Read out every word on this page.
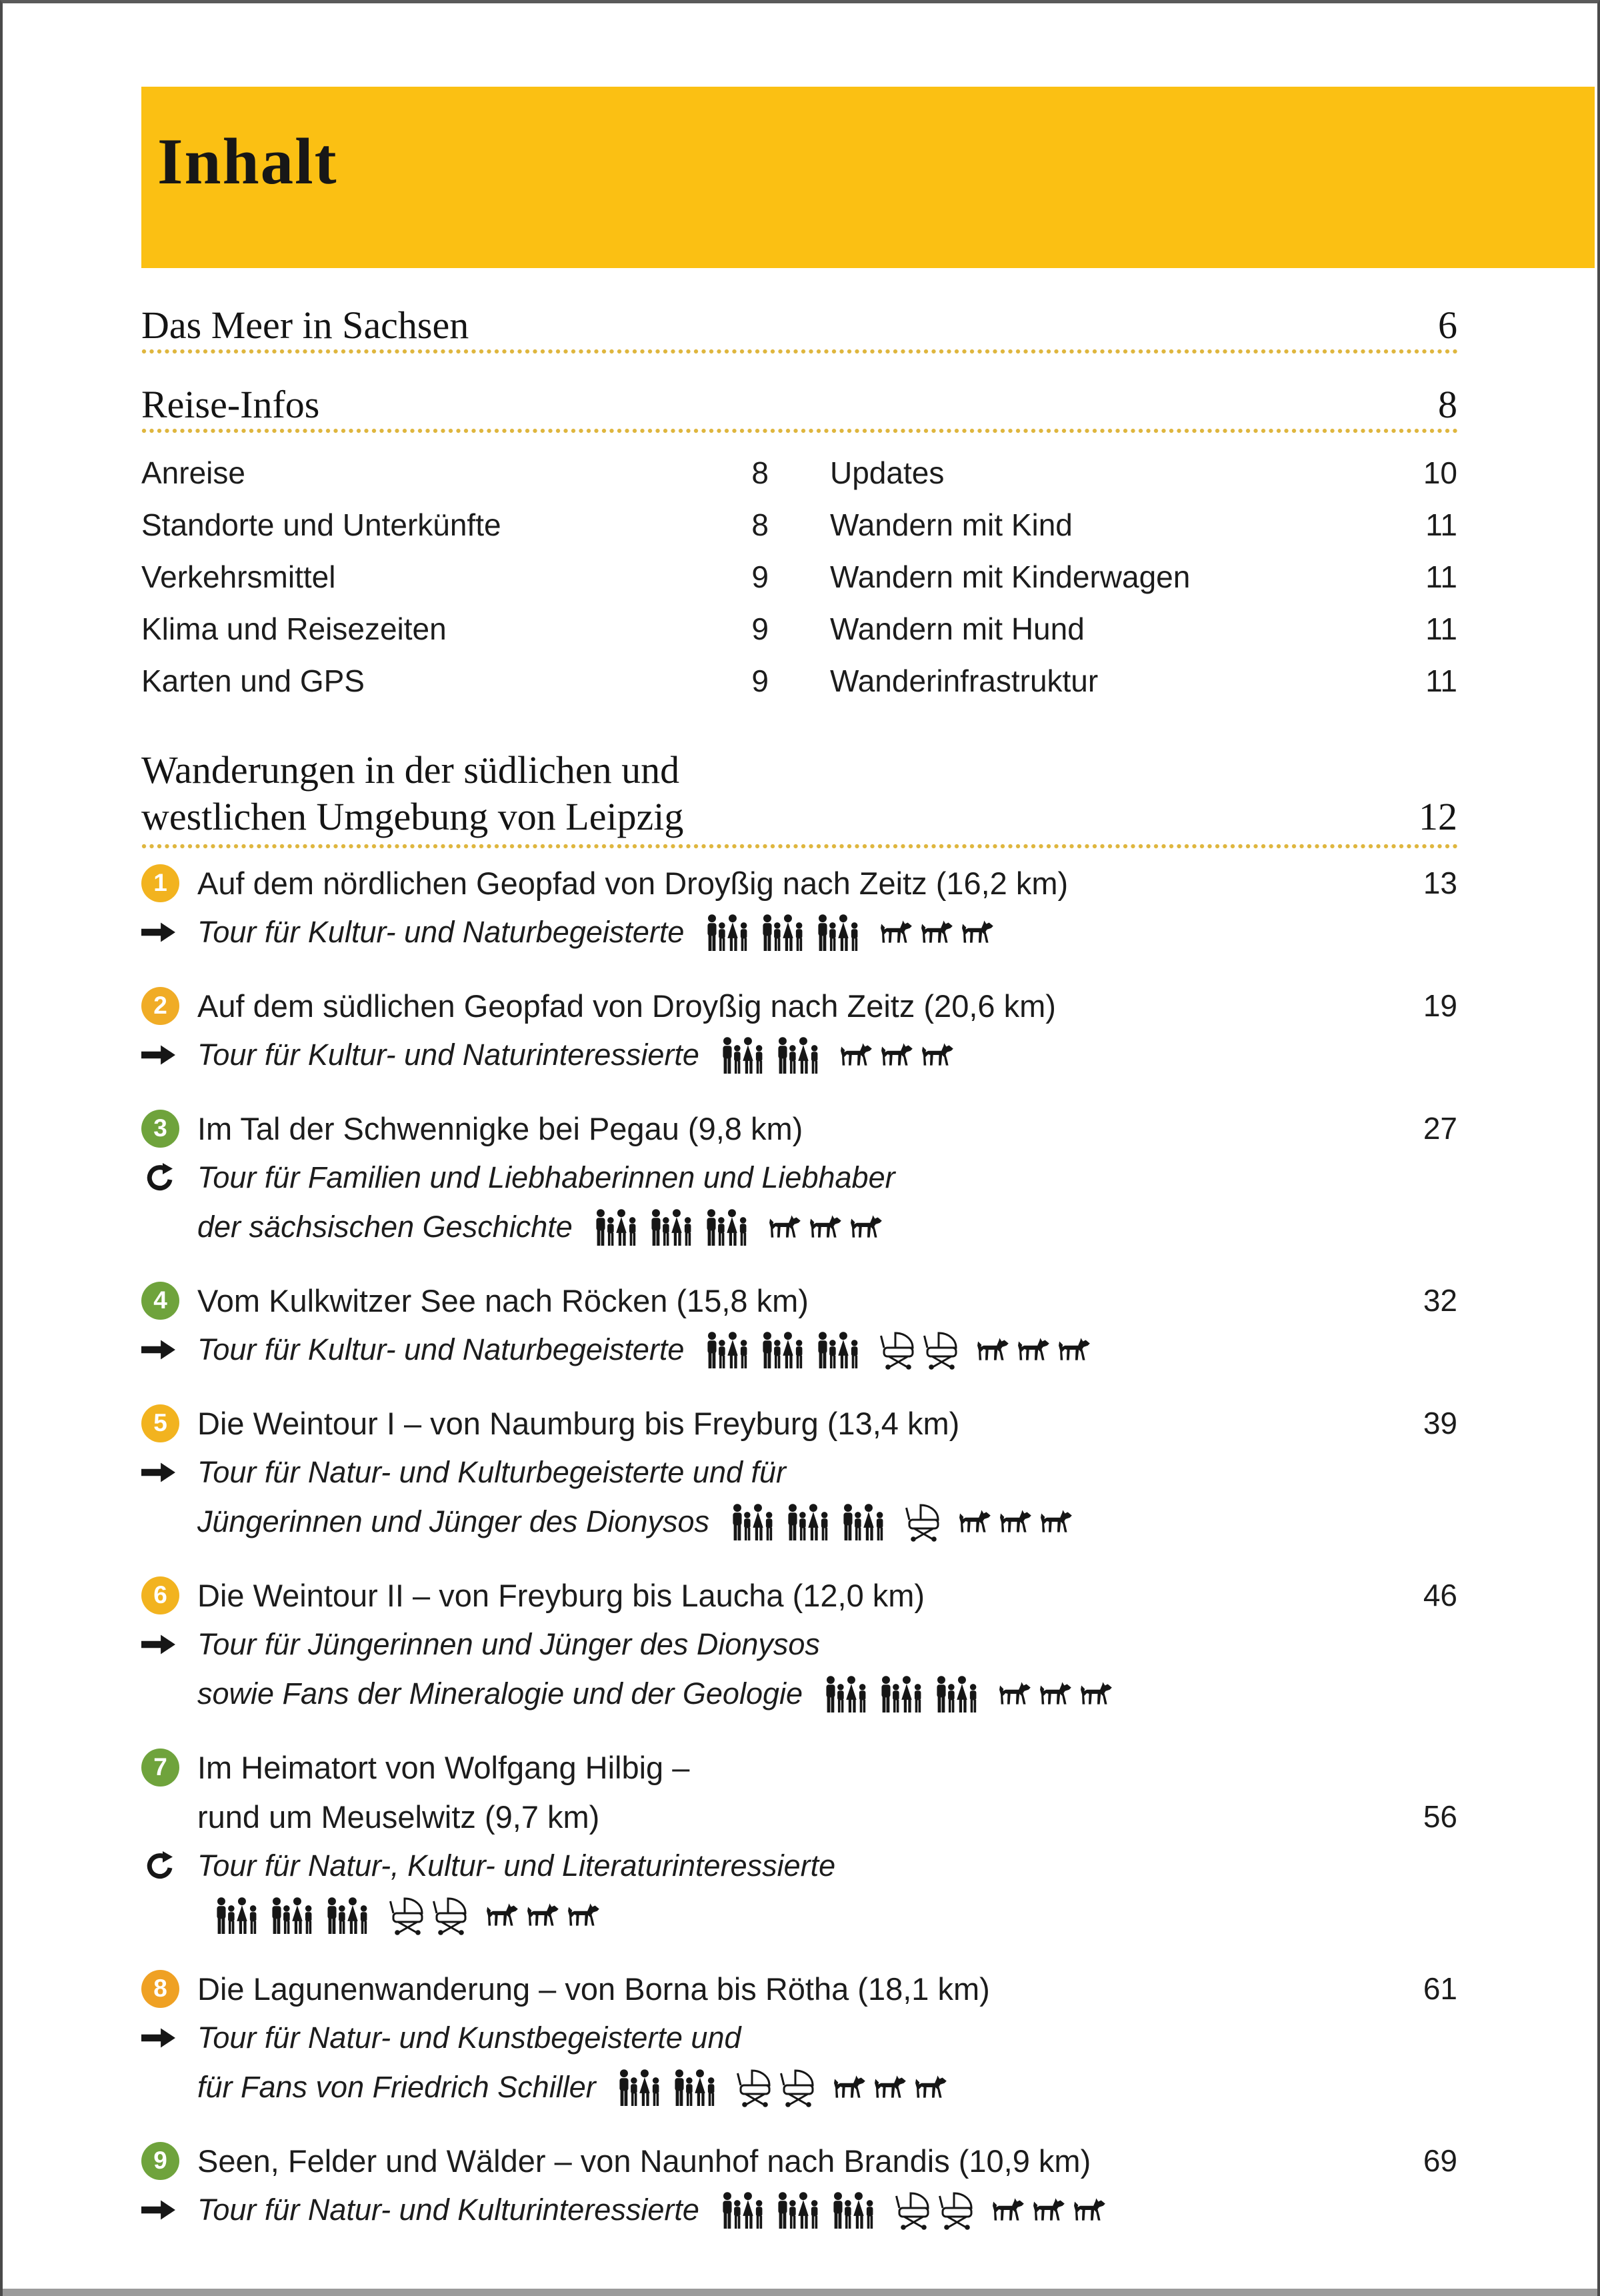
Inhalt
Das Meer in Sachsen	6
Reise-Infos	8
Anreise	8
Standorte und Unterkünfte	8
Verkehrsmittel	9
Klima und Reisezeiten	9
Karten und GPS	9
Updates	10
Wandern mit Kind	11
Wandern mit Kinderwagen	11
Wandern mit Hund	11
Wanderinfrastruktur	11
Wanderungen in der südlichen und
westlichen Umgebung von Leipzig	12
1 Auf dem nördlichen Geopfad von Droyßig nach Zeitz (16,2 km)	13
Tour für Kultur- und Naturbegeisterte
2 Auf dem südlichen Geopfad von Droyßig nach Zeitz (20,6 km)	19
Tour für Kultur- und Naturinteressierte
3 Im Tal der Schwennigke bei Pegau (9,8 km)	27
Tour für Familien und Liebhaberinnen und Liebhaber
der sächsischen Geschichte
4 Vom Kulkwitzer See nach Röcken (15,8 km)	32
Tour für Kultur- und Naturbegeisterte
5 Die Weintour I – von Naumburg bis Freyburg (13,4 km)	39
Tour für Natur- und Kulturbegeisterte und für
Jüngerinnen und Jünger des Dionysos
6 Die Weintour II – von Freyburg bis Laucha (12,0 km)	46
Tour für Jüngerinnen und Jünger des Dionysos
sowie Fans der Mineralogie und der Geologie
7 Im Heimatort von Wolfgang Hilbig –
rund um Meuselwitz (9,7 km)	56
Tour für Natur-, Kultur- und Literaturinteressierte
8 Die Lagunenwanderung – von Borna bis Rötha (18,1 km)	61
Tour für Natur- und Kunstbegeisterte und
für Fans von Friedrich Schiller
9 Seen, Felder und Wälder – von Naunhof nach Brandis (10,9 km)	69
Tour für Natur- und Kulturinteressierte
